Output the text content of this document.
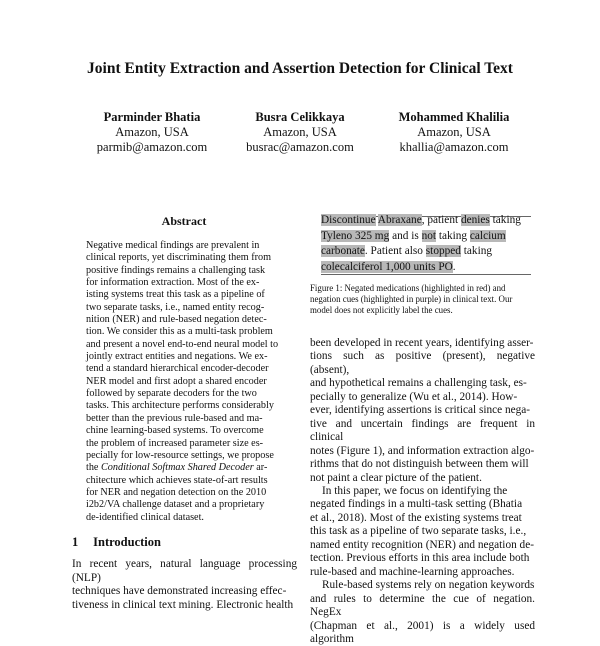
Joint Entity Extraction and Assertion Detection for Clinical Text
Parminder Bhatia
Amazon, USA
parmib@amazon.com
Busra Celikkaya
Amazon, USA
busrac@amazon.com
Mohammed Khalilia
Amazon, USA
khallia@amazon.com
Abstract
Negative medical findings are prevalent in
clinical reports, yet discriminating them from
positive findings remains a challenging task
for information extraction. Most of the ex-
isting systems treat this task as a pipeline of
two separate tasks, i.e., named entity recog-
nition (NER) and rule-based negation detec-
tion. We consider this as a multi-task problem
and present a novel end-to-end neural model to
jointly extract entities and negations. We ex-
tend a standard hierarchical encoder-decoder
NER model and first adopt a shared encoder
followed by separate decoders for the two
tasks. This architecture performs considerably
better than the previous rule-based and ma-
chine learning-based systems. To overcome
the problem of increased parameter size es-
pecially for low-resource settings, we propose
the Conditional Softmax Shared Decoder ar-
chitecture which achieves state-of-art results
for NER and negation detection on the 2010
i2b2/VA challenge dataset and a proprietary
de-identified clinical dataset.
1 Introduction
In recent years, natural language processing (NLP)
techniques have demonstrated increasing effec-
tiveness in clinical text mining. Electronic health
Discontinue Abraxane, patient denies taking
Tyleno 325 mg and is not taking calcium
carbonate. Patient also stopped taking
colecalciferol 1,000 units PO.
Figure 1: Negated medications (highlighted in red) and
negation cues (highlighted in purple) in clinical text. Our
model does not explicitly label the cues.
been developed in recent years, identifying asser-
tions such as positive (present), negative (absent),
and hypothetical remains a challenging task, es-
pecially to generalize (Wu et al., 2014). How-
ever, identifying assertions is critical since nega-
tive and uncertain findings are frequent in clinical
notes (Figure 1), and information extraction algo-
rithms that do not distinguish between them will
not paint a clear picture of the patient.
In this paper, we focus on identifying the
negated findings in a multi-task setting (Bhatia
et al., 2018). Most of the existing systems treat
this task as a pipeline of two separate tasks, i.e.,
named entity recognition (NER) and negation de-
tection. Previous efforts in this area include both
rule-based and machine-learning approaches.
Rule-based systems rely on negation keywords
and rules to determine the cue of negation. NegEx
(Chapman et al., 2001) is a widely used algorithm
